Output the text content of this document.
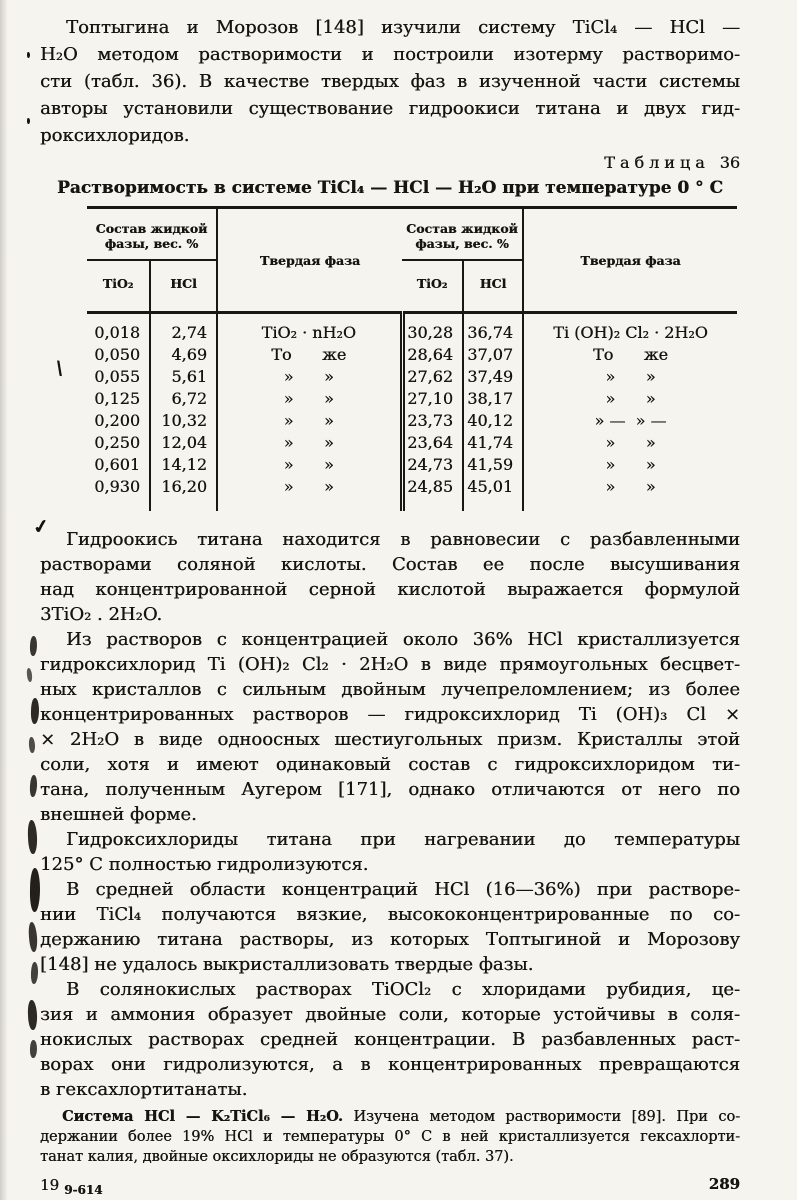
✓
\
Топтыгина и Морозов [148] изучили систему TiCl₄ — HCl —
H₂O методом растворимости и построили изотерму растворимо-
сти (табл. 36). В качестве твердых фаз в изученной части системы
авторы установили существование гидроокиси титана и двух гид-
роксихлоридов.
Таблица 36
Растворимость в системе TiCl₄ — HCl — H₂O при температуре 0 ° С
Состав жидкой фазы, вес. %		Твердая фаза	Состав жидкой фазы, вес. %		Твердая фаза
TiO₂	HCl		TiO₂	HCl	
0,018	2,74	TiO₂ · nH₂O	30,28	36,74	Ti (OH)₂ Cl₂ · 2H₂O
0,050	4,69	То      же	28,64	37,07	То      же
0,055	5,61	»      »	27,62	37,49	»      »
0,125	6,72	»      »	27,10	38,17	»      »
0,200	10,32	»      »	23,73	40,12	» —  » —
0,250	12,04	»      »	23,64	41,74	»      »
0,601	14,12	»      »	24,73	41,59	»      »
0,930	16,20	»      »	24,85	45,01	»      »
Гидроокись титана находится в равновесии с разбавленными
растворами соляной кислоты. Состав ее после высушивания
над концентрированной серной кислотой выражается формулой
3TiO₂ . 2H₂O.
Из растворов с концентрацией около 36% HCl кристаллизуется
гидроксихлорид Ti (OH)₂ Cl₂ · 2H₂O в виде прямоугольных бесцвет-
ных кристаллов с сильным двойным лучепреломлением; из более
концентрированных растворов — гидроксихлорид Ti (OH)₃ Cl ×
× 2H₂O в виде одноосных шестиугольных призм. Кристаллы этой
соли, хотя и имеют одинаковый состав с гидроксихлоридом ти-
тана, полученным Аугером [171], однако отличаются от него по
внешней форме.
Гидроксихлориды титана при нагревании до температуры
125° С полностью гидролизуются.
В средней области концентраций HCl (16—36%) при растворе-
нии TiCl₄ получаются вязкие, высококонцентрированные по со-
держанию титана растворы, из которых Топтыгиной и Морозову
[148] не удалось выкристаллизовать твердые фазы.
В солянокислых растворах TiOCl₂ с хлоридами рубидия, це-
зия и аммония образует двойные соли, которые устойчивы в соля-
нокислых растворах средней концентрации. В разбавленных раст-
ворах они гидролизуются, а в концентрированных превращаются
в гексахлортитанаты.
Система HCl — K₂TiCl₆ — H₂O. Изучена методом растворимости [89]. При со-
держании более 19% HCl и температуры 0° С в ней кристаллизуется гексахлорти-
танат калия, двойные оксихлориды не образуются (табл. 37).
19 $_{9-614}$	289
